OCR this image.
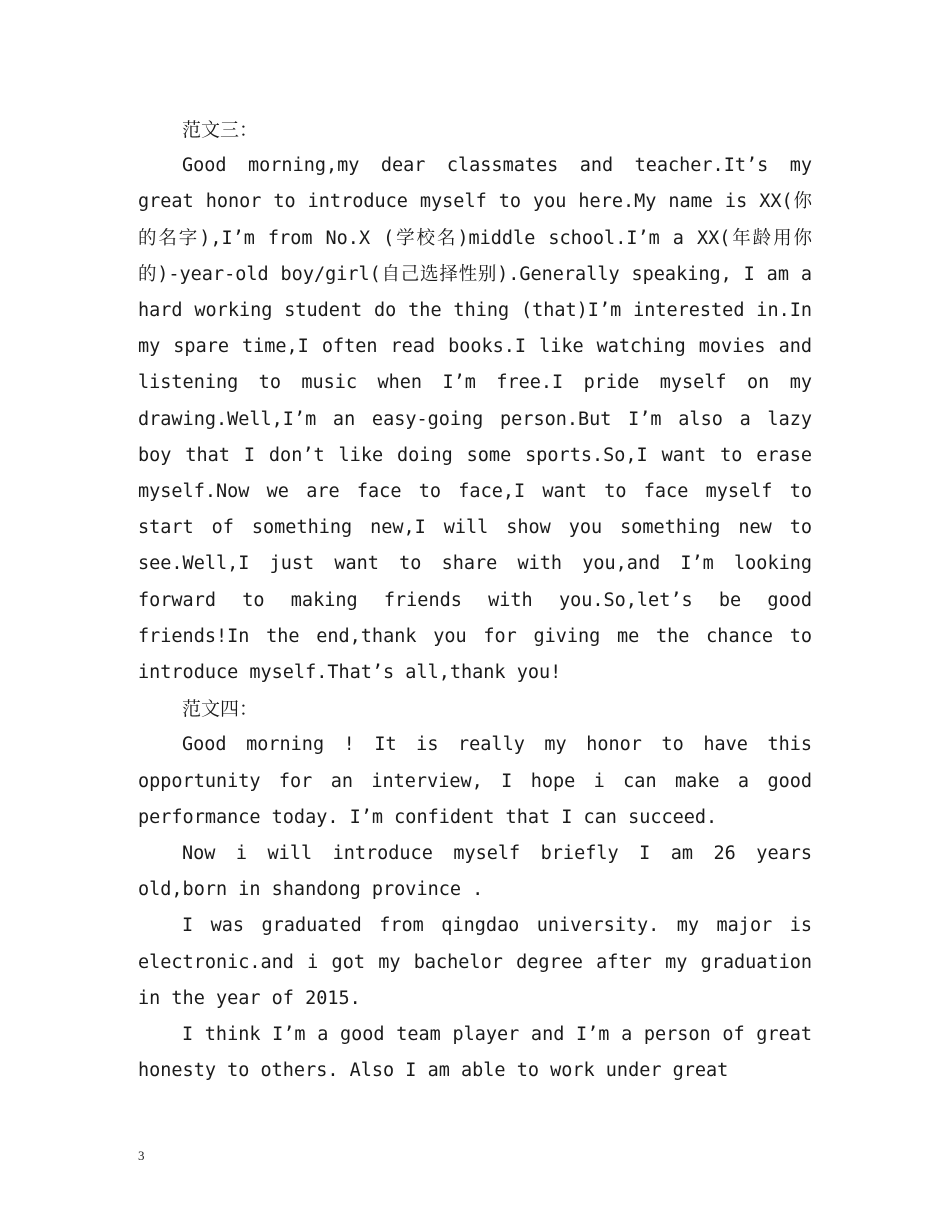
范文三：

Good morning,my dear classmates and teacher.It’s my great honor to introduce myself to you here.My name is XX(你的名字),I’m from No.X (学校名)middle school.I’m a XX(年龄用你的)-year-old boy/girl(自己选择性别).Generally speaking, I am a hard working student do the thing (that)I’m interested in.In my spare time,I often read books.I like watching movies and listening to music when I’m free.I pride myself on my drawing.Well,I’m an easy-going person.But I’m also a lazy boy that I don’t like doing some sports.So,I want to erase myself.Now we are face to face,I want to face myself to start of something new,I will show you something new to see.Well,I just want to share with you,and I’m looking forward to making friends with you.So,let’s be good friends!In the end,thank you for giving me the chance to introduce myself.That’s all,thank you!

范文四：

Good morning ! It is really my honor to have this opportunity for an interview, I hope i can make a good performance today. I’m confident that I can succeed.

Now i will introduce myself briefly I am 26 years old,born in shandong province .

I was graduated from qingdao university. my major is electronic.and i got my bachelor degree after my graduation in the year of 2015.

I think I’m a good team player and I’m a person of great honesty to others. Also I am able to work under great

3
